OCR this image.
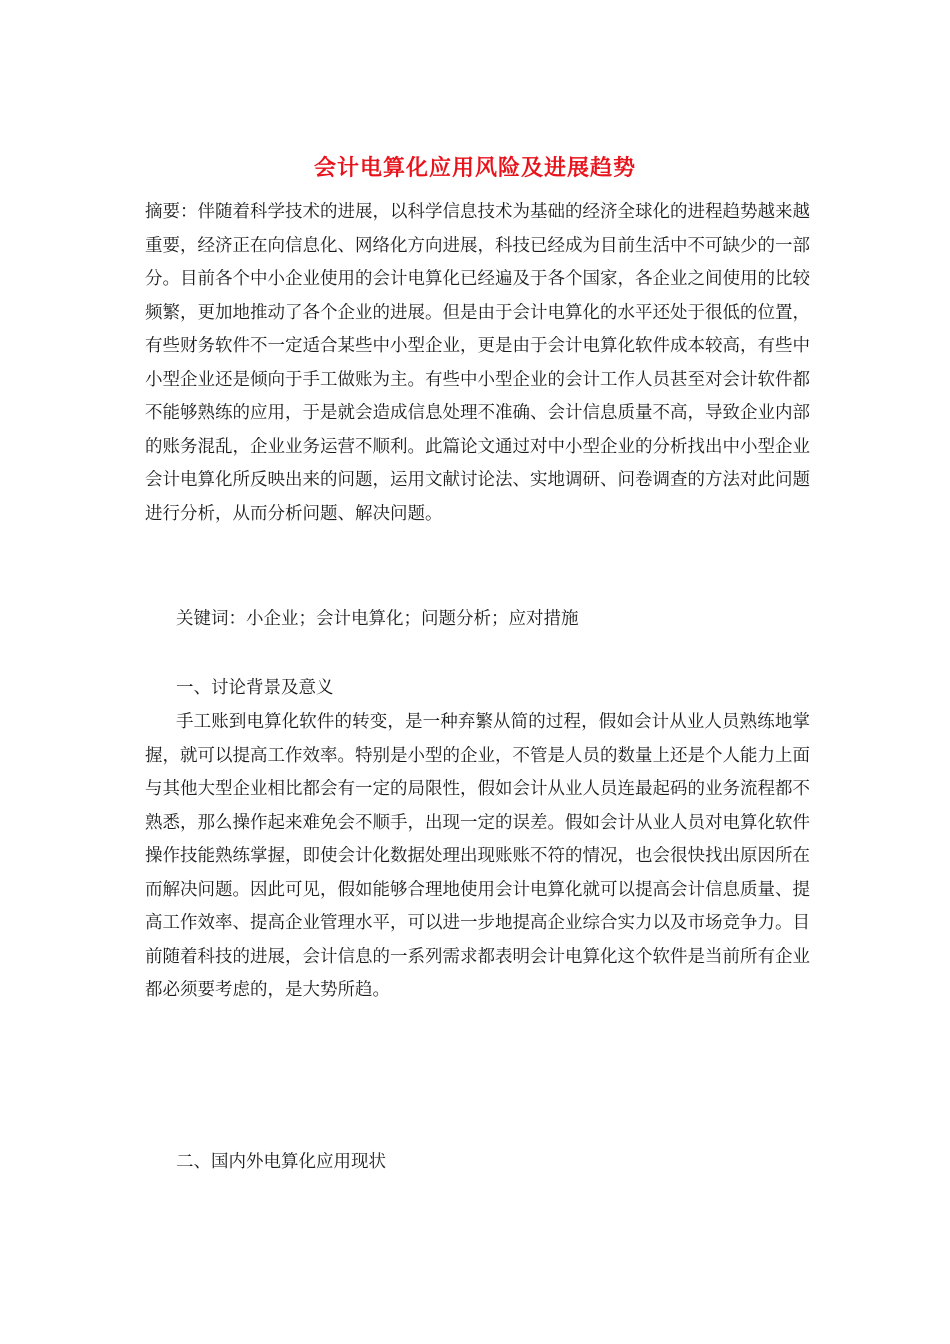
会计电算化应用风险及进展趋势
摘要：伴随着科学技术的进展，以科学信息技术为基础的经济全球化的进程趋势越来越重要，经济正在向信息化、网络化方向进展，科技已经成为目前生活中不可缺少的一部分。目前各个中小企业使用的会计电算化已经遍及于各个国家，各企业之间使用的比较频繁，更加地推动了各个企业的进展。但是由于会计电算化的水平还处于很低的位置，有些财务软件不一定适合某些中小型企业，更是由于会计电算化软件成本较高，有些中小型企业还是倾向于手工做账为主。有些中小型企业的会计工作人员甚至对会计软件都不能够熟练的应用，于是就会造成信息处理不准确、会计信息质量不高，导致企业内部的账务混乱，企业业务运营不顺利。此篇论文通过对中小型企业的分析找出中小型企业会计电算化所反映出来的问题，运用文献讨论法、实地调研、问卷调查的方法对此问题进行分析，从而分析问题、解决问题。
关键词：小企业；会计电算化；问题分析；应对措施
一、讨论背景及意义
手工账到电算化软件的转变，是一种弃繁从简的过程，假如会计从业人员熟练地掌握，就可以提高工作效率。特别是小型的企业，不管是人员的数量上还是个人能力上面与其他大型企业相比都会有一定的局限性，假如会计从业人员连最起码的业务流程都不熟悉，那么操作起来难免会不顺手，出现一定的误差。假如会计从业人员对电算化软件操作技能熟练掌握，即使会计化数据处理出现账账不符的情况，也会很快找出原因所在而解决问题。因此可见，假如能够合理地使用会计电算化就可以提高会计信息质量、提高工作效率、提高企业管理水平，可以进一步地提高企业综合实力以及市场竞争力。目前随着科技的进展，会计信息的一系列需求都表明会计电算化这个软件是当前所有企业都必须要考虑的，是大势所趋。
二、国内外电算化应用现状
